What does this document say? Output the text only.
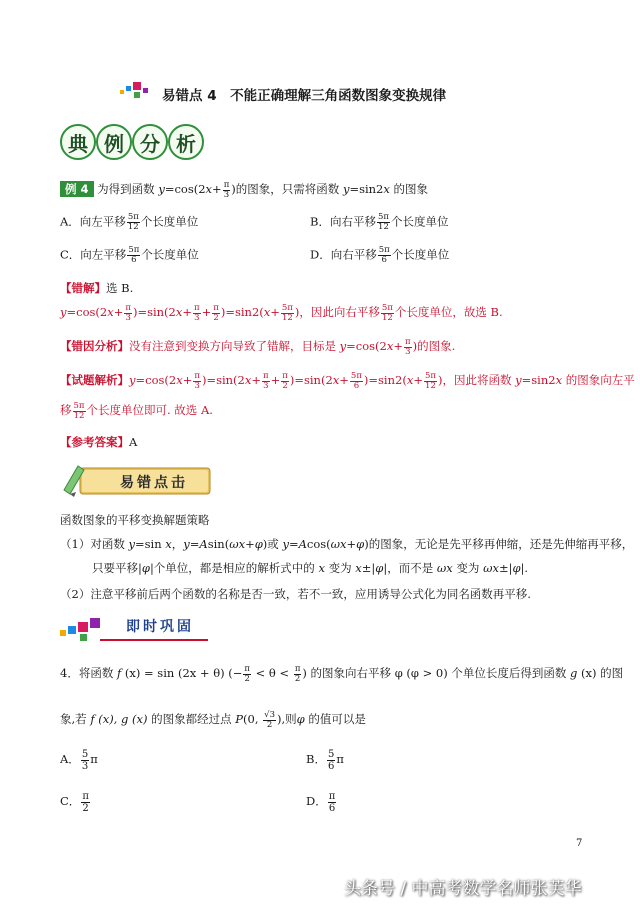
易错点 4　不能正确理解三角函数图象变换规律
典 例 分 析
例 4 为得到函数 $y=\cos(2x+ \frac{\pi}{3}$ )的图象，只需将函数 y=sin2x 的图象
A．向左平移 $\frac{5\pi}{12}$ 个长度单位	B．向右平移 $\frac{5\pi}{12}$ 个长度单位
C．向左平移 $\frac{5\pi}{6}$ 个长度单位	D．向右平移 $\frac{5\pi}{6}$ 个长度单位
【错解】选 B.
$y=\cos(2x+ \frac{\pi}{3} )=\sin(2x+ \frac{\pi}{3} + \frac{\pi}{2} )=\sin 2(x+ \frac{5\pi}{12}$ )，因此向右平移 $\frac{5\pi}{12}$ 个长度单位，故选 B.
【错因分析】没有注意到变换方向导致了错解，目标是 $y=\cos(2x+ \frac{\pi}{3}$ )的图象.
【试题解析】$y=\cos(2x+ \frac{\pi}{3} )=\sin(2x+ \frac{\pi}{3} + \frac{\pi}{2} )=\sin(2x+ \frac{5\pi}{6} )=\sin 2(x+ \frac{5\pi}{12}$ )，因此将函数 y=sin2x 的图象向左平
移 $\frac{5\pi}{12}$ 个长度单位即可. 故选 A.
【参考答案】A
易错点击
函数图象的平移变换解题策略
（1）对函数 y=sin x，y=Asin(ωx+φ)或 y=Acos(ωx+φ)的图象，无论是先平移再伸缩，还是先伸缩再平移，
只要平移|φ|个单位，都是相应的解析式中的 x 变为 x±|φ|，而不是 ωx 变为 ωx±|φ|.
（2）注意平移前后两个函数的名称是否一致，若不一致，应用诱导公式化为同名函数再平移.
即时巩固
4．将函数 f (x) = sin (2x + θ) (− $\frac{\pi}{2} < \theta < \frac{\pi}{2}$ ) 的图象向右平移 φ (φ > 0) 个单位长度后得到函数 g (x) 的图
象,若 f (x), g (x) 的图象都经过点 P(0, $\frac{√3}{2}$ ),则φ 的值可以是
A． $\frac{5}{3}$ π	B． $\frac{5}{6}$ π
C． $\frac{\pi}{2}$	D． $\frac{\pi}{6}$
7
头条号 / 中高考数学名师张芙华
